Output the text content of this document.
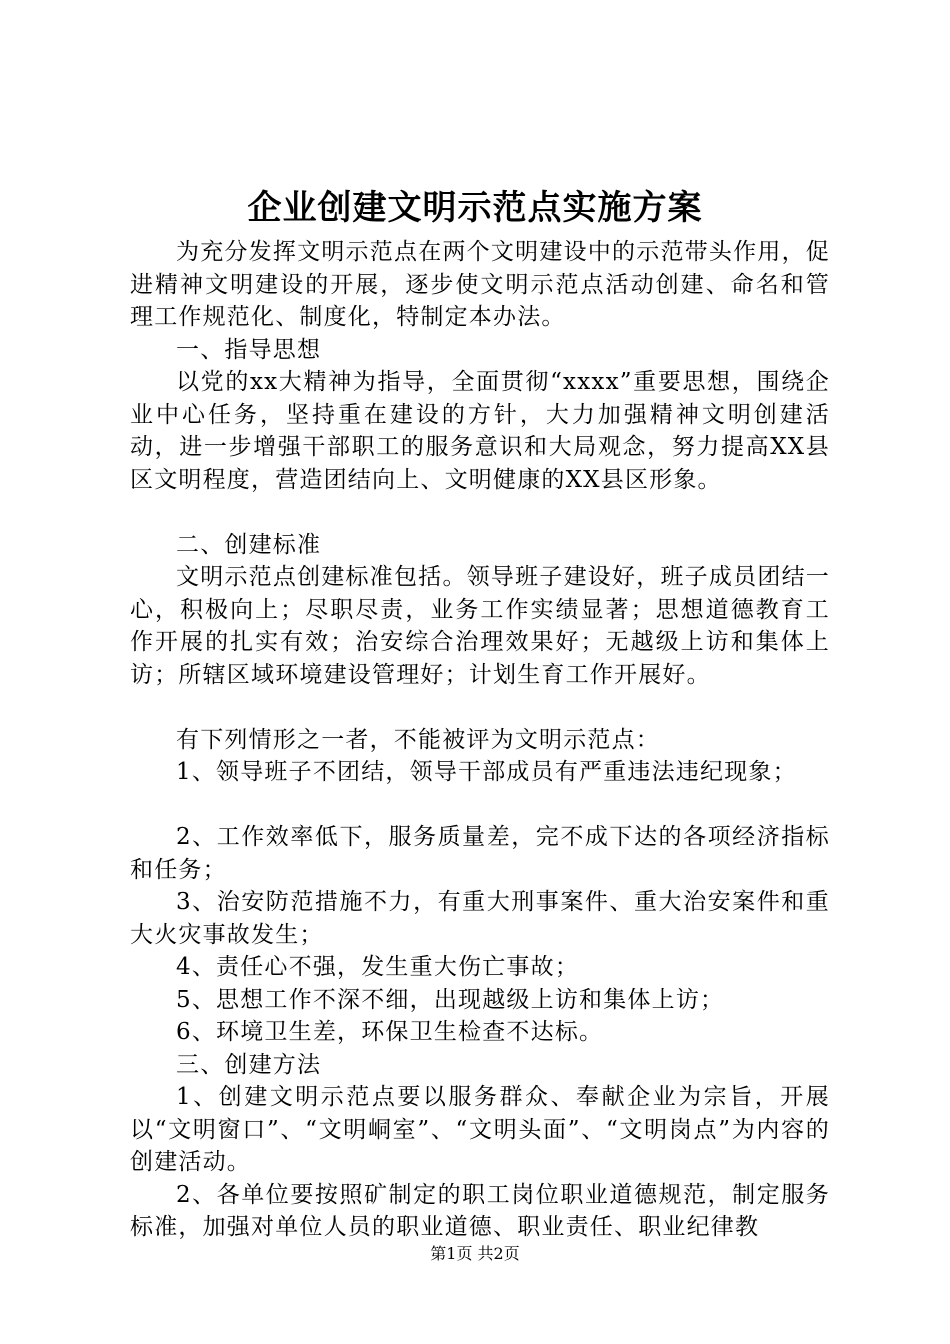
企业创建文明示范点实施方案

为充分发挥文明示范点在两个文明建设中的示范带头作用，促进精神文明建设的开展，逐步使文明示范点活动创建、命名和管理工作规范化、制度化，特制定本办法。

一、指导思想

以党的xx大精神为指导，全面贯彻“xxxx”重要思想，围绕企业中心任务，坚持重在建设的方针，大力加强精神文明创建活动，进一步增强干部职工的服务意识和大局观念，努力提高XX县区文明程度，营造团结向上、文明健康的XX县区形象。

二、创建标准

文明示范点创建标准包括。领导班子建设好，班子成员团结一心，积极向上；尽职尽责，业务工作实绩显著；思想道德教育工作开展的扎实有效；治安综合治理效果好；无越级上访和集体上访；所辖区域环境建设管理好；计划生育工作开展好。

有下列情形之一者，不能被评为文明示范点：

1、领导班子不团结，领导干部成员有严重违法违纪现象；

2、工作效率低下，服务质量差，完不成下达的各项经济指标和任务；

3、治安防范措施不力，有重大刑事案件、重大治安案件和重大火灾事故发生；

4、责任心不强，发生重大伤亡事故；

5、思想工作不深不细，出现越级上访和集体上访；

6、环境卫生差，环保卫生检查不达标。

三、创建方法

1、创建文明示范点要以服务群众、奉献企业为宗旨，开展以“文明窗口”、“文明峒室”、“文明头面”、“文明岗点”为内容的创建活动。

2、各单位要按照矿制定的职工岗位职业道德规范，制定服务标准，加强对单位人员的职业道德、职业责任、职业纪律教

第1页 共2页
